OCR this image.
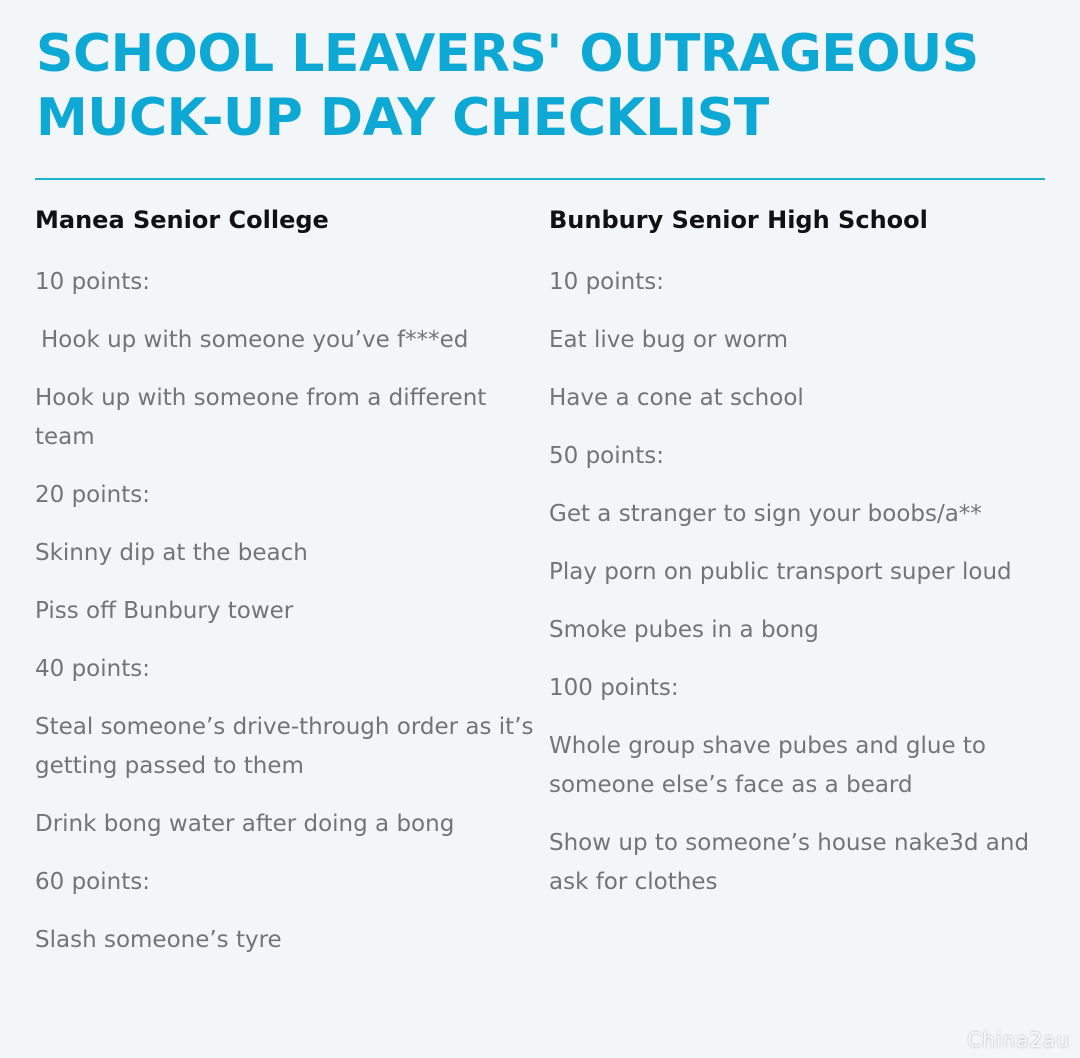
SCHOOL LEAVERS' OUTRAGEOUS
MUCK-UP DAY CHECKLIST
Manea Senior College
10 points:
Hook up with someone you’ve f***ed
Hook up with someone from a different team
20 points:
Skinny dip at the beach
Piss off Bunbury tower
40 points:
Steal someone’s drive-through order as it’s getting passed to them
Drink bong water after doing a bong
60 points:
Slash someone’s tyre
Bunbury Senior High School
10 points:
Eat live bug or worm
Have a cone at school
50 points:
Get a stranger to sign your boobs/a**
Play porn on public transport super loud
Smoke pubes in a bong
100 points:
Whole group shave pubes and glue to someone else’s face as a beard
Show up to someone’s house nake3d and ask for clothes
Chinа2au
